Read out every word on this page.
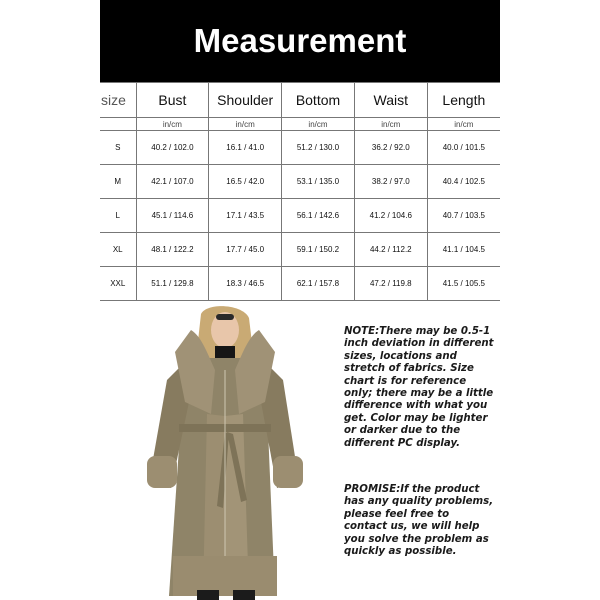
Measurement
size	Bust	Shoulder	Bottom	Waist	Length
	in/cm	in/cm	in/cm	in/cm	in/cm
S	40.2 / 102.0	16.1 / 41.0	51.2 / 130.0	36.2 / 92.0	40.0 / 101.5
M	42.1 / 107.0	16.5 / 42.0	53.1 / 135.0	38.2 / 97.0	40.4 / 102.5
L	45.1 / 114.6	17.1 / 43.5	56.1 / 142.6	41.2 / 104.6	40.7 / 103.5
XL	48.1 / 122.2	17.7 / 45.0	59.1 / 150.2	44.2 / 112.2	41.1 / 104.5
XXL	51.1 / 129.8	18.3 / 46.5	62.1 / 157.8	47.2 / 119.8	41.5 / 105.5

NOTE:There may be 0.5-1 inch deviation in different sizes, locations and stretch of fabrics. Size chart is for reference only; there may be a little difference with what you get. Color may be lighter or darker due to the different PC display.

PROMISE:If the product has any quality problems, please feel free to contact us, we will help you solve the problem as quickly as possible.
